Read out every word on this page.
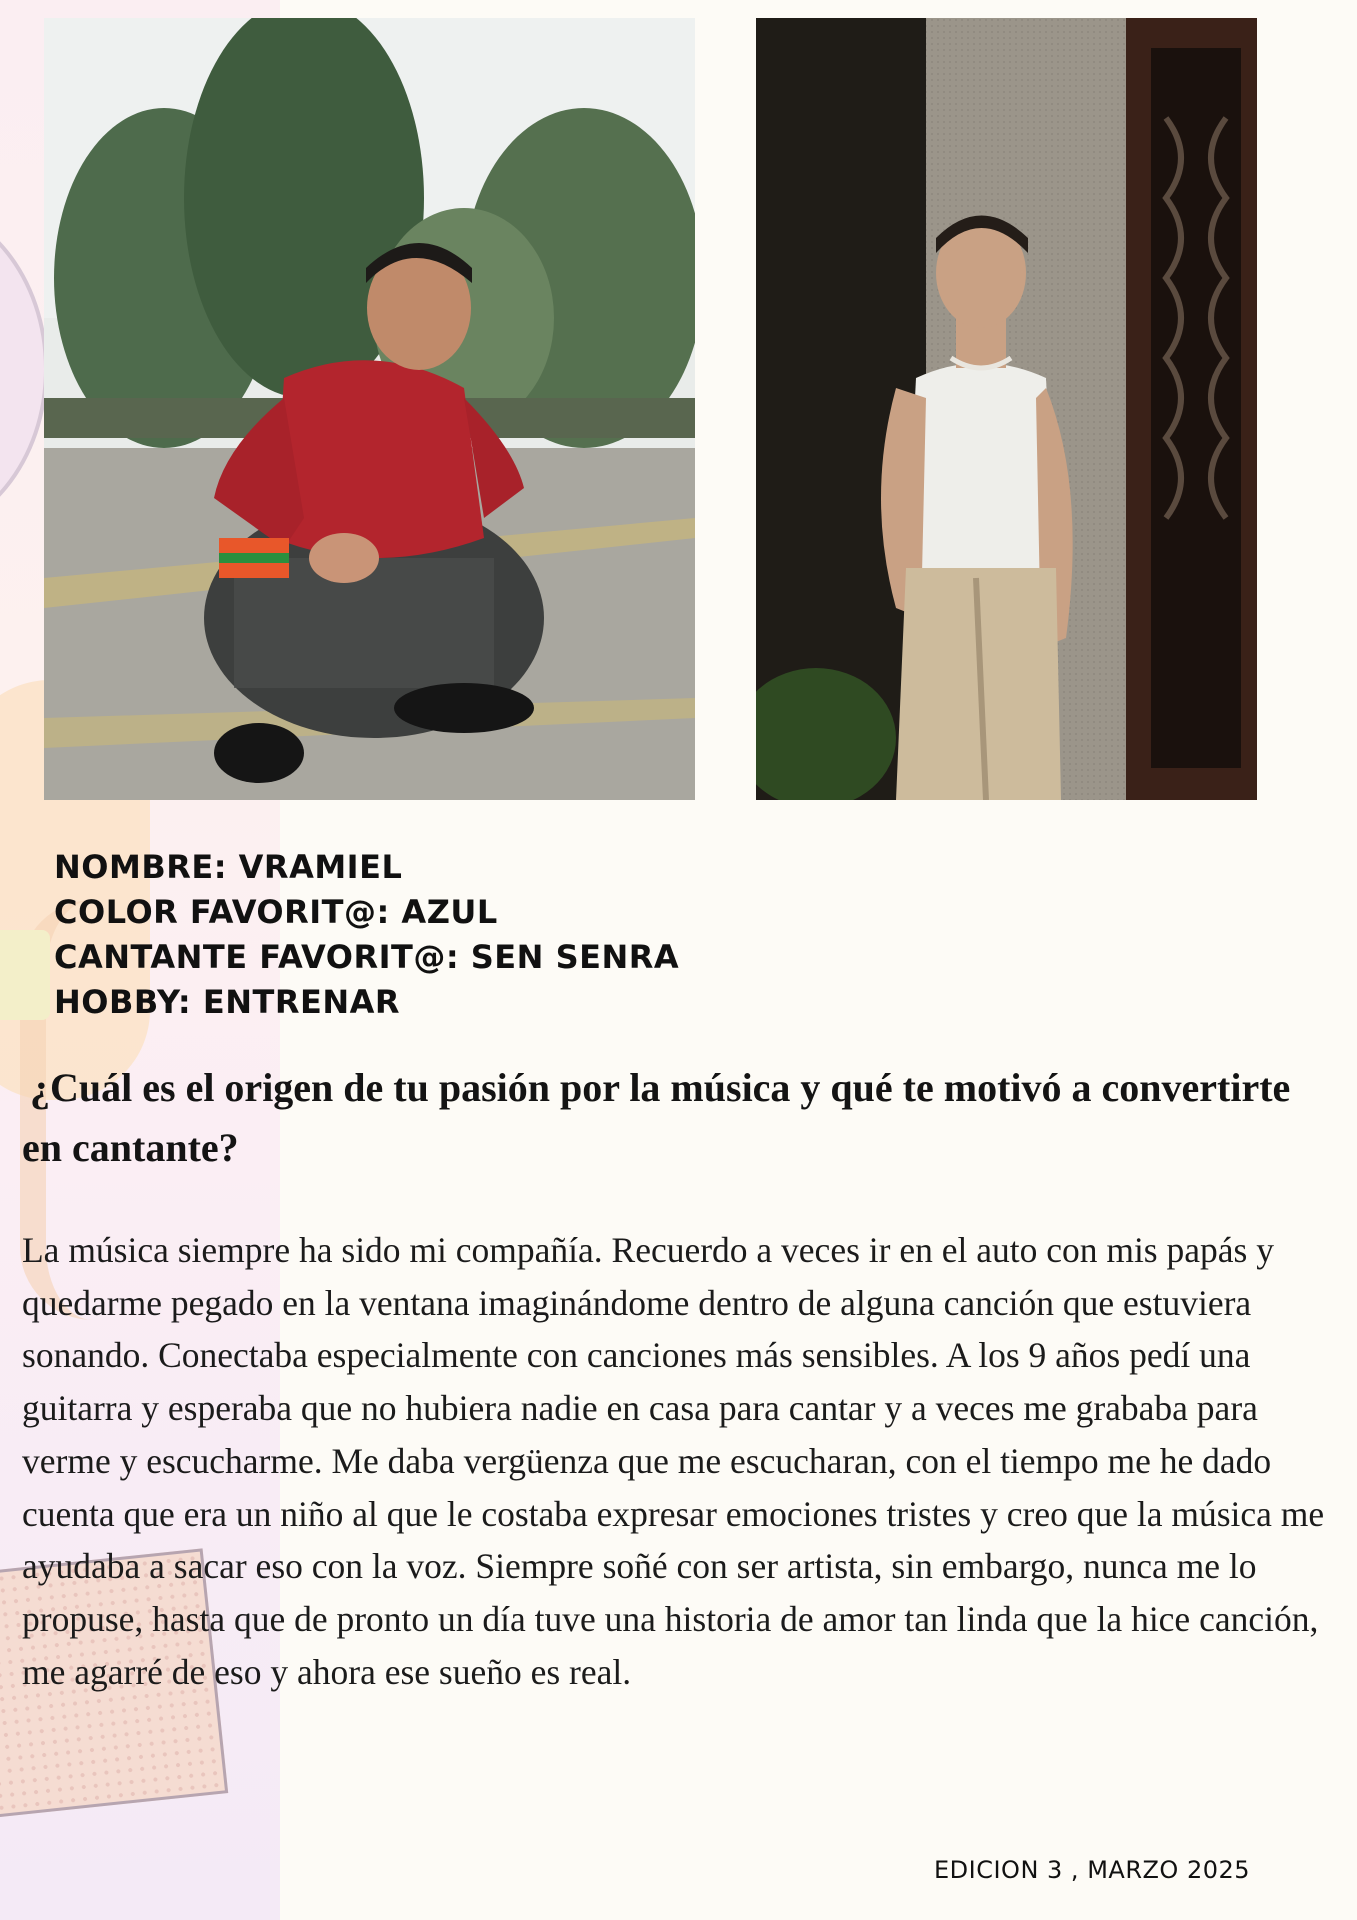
NOMBRE: VRAMIEL
COLOR FAVORIT@: AZUL
CANTANTE FAVORIT@: SEN SENRA
HOBBY: ENTRENAR
¿Cuál es el origen de tu pasión por la música y qué te motivó a convertirte en cantante?
La música siempre ha sido mi compañía. Recuerdo a veces ir en el auto con mis papás y quedarme pegado en la ventana imaginándome dentro de alguna canción que estuviera sonando. Conectaba especialmente con canciones más sensibles. A los 9 años pedí una guitarra y esperaba que no hubiera nadie en casa para cantar y a veces me grababa para verme y escucharme. Me daba vergüenza que me escucharan, con el tiempo me he dado cuenta que era un niño al que le costaba expresar emociones tristes y creo que la música me ayudaba a sacar eso con la voz. Siempre soñé con ser artista, sin embargo, nunca me lo propuse, hasta que de pronto un día tuve una historia de amor tan linda que la hice canción, me agarré de eso y ahora ese sueño es real.
EDICION 3 , MARZO 2025
